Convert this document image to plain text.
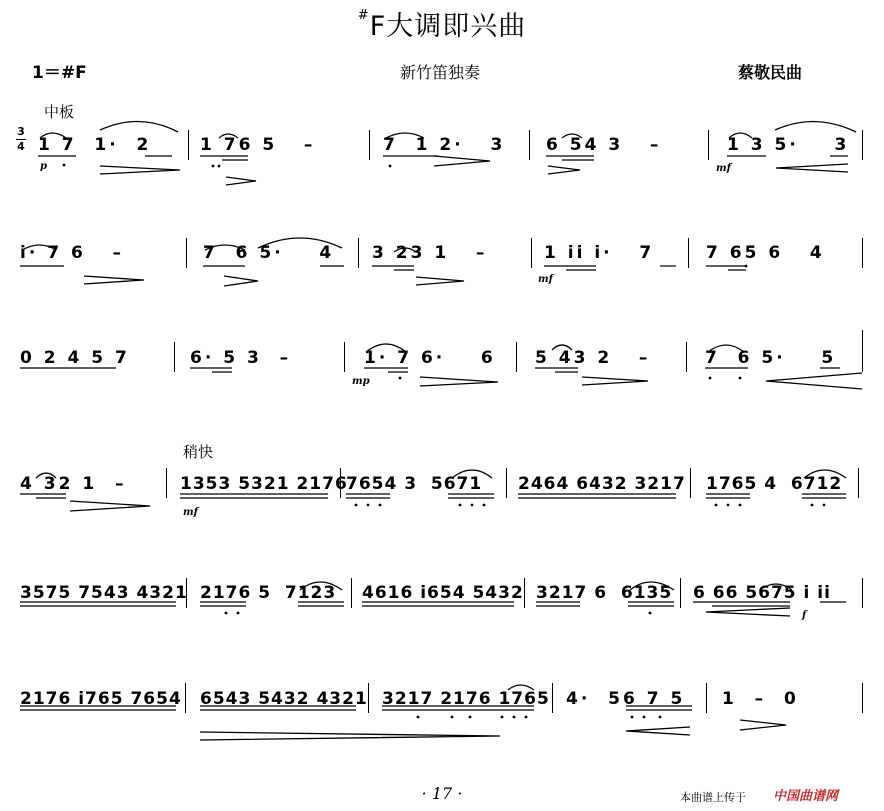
#F大调即兴曲
1＝#F	新竹笛独奏	蔡敬民曲
中板
稍快
3
4 1 7  1·  2	1 76 5   –	7  1 2·   3 6 54 3   –	1 3 5·    3
p	mf
i· 7 6   –	7  6 5·    4 3 23 1   –	1 ii i·   7	7 65 6   4
mf
0 2 4 5 7	6· 5 3  –	1· 7 6·    6 5 43 2   –	7  6 5·    5
mp
4 32 1  –	1353 5321 2176
7654 3  5671 2464 6432 3217 1765 4  6712
mf
3575 7543 4321 2176 5  7123 4616 i654 5432 3217 6  6135 6 66 5675 i ii
f
2176 i765 7654 6543 5432 4321 3217 2176 1765 4·  56 7 5 1  –  0
· 17 ·	本曲谱上传于 中国曲谱网
